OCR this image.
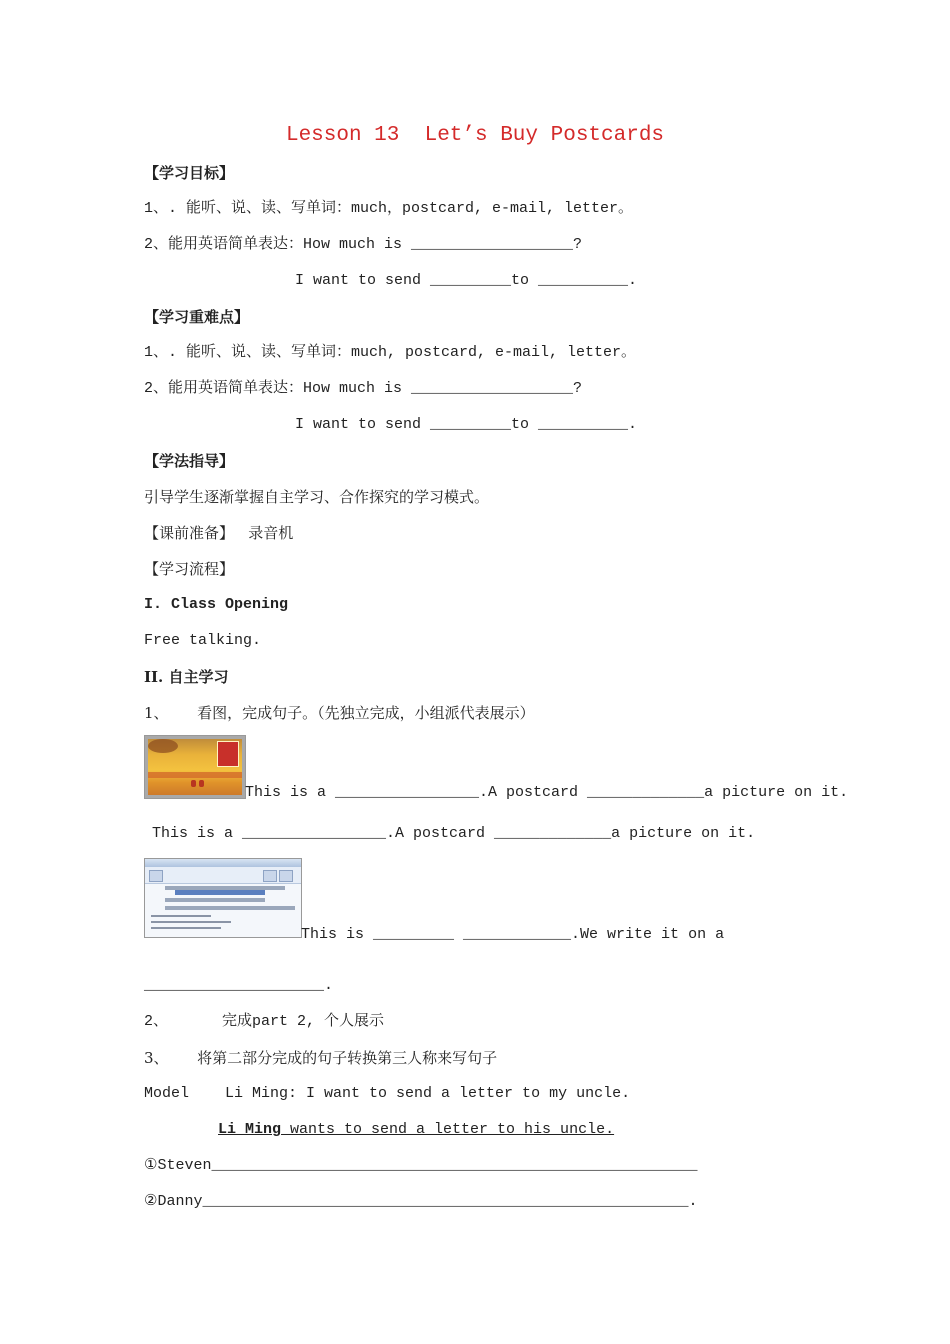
Lesson 13  Let’s Buy Postcards
【学习目标】
1、. 能听、说、读、写单词：much，postcard, e-mail, letter。
2、能用英语简单表达：How much is __________________?
I want to send _________to __________.
【学习重难点】
1、. 能听、说、读、写单词：much, postcard, e-mail, letter。
2、能用英语简单表达：How much is __________________?
I want to send _________to __________.
【学法指导】
引导学生逐渐掌握自主学习、合作探究的学习模式。
【课前准备】   录音机
【学习流程】
I. Class Opening
Free talking.
II. 自主学习
1、      看图，完成句子。（先独立完成，小组派代表展示）
This is a ________________.A postcard _____________a picture on it.
This is a ________________.A postcard _____________a picture on it.
This is _________ ____________.We write it on a
____________________.
2、      完成part 2, 个人展示
3、      将第二部分完成的句子转换第三人称来写句子
Model    Li Ming: I want to send a letter to my uncle.
Li Ming wants to send a letter to his uncle.
①Steven______________________________________________________
②Danny______________________________________________________.
